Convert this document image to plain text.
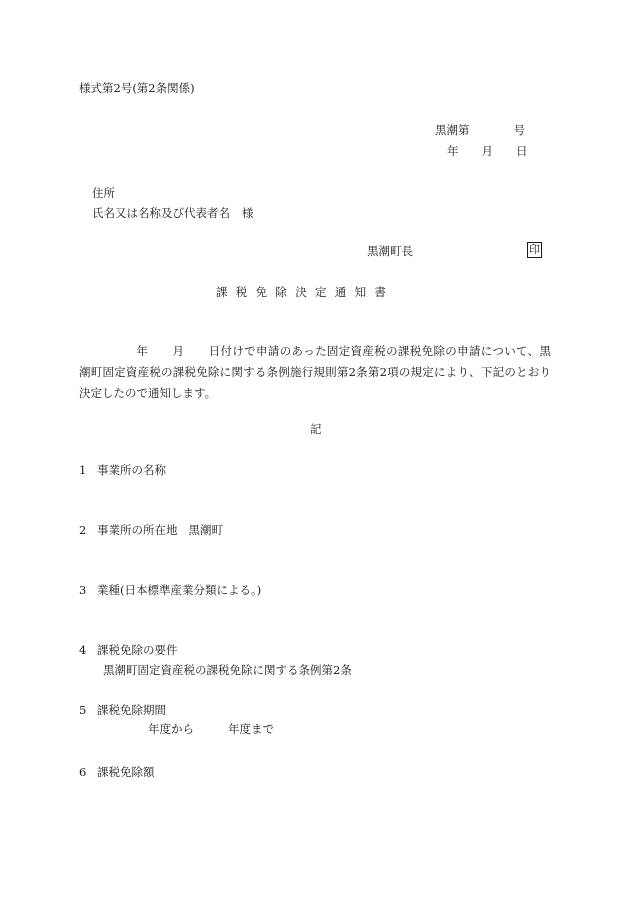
様式第2号(第2条関係)
黒潮第	号
年 月 日
住所
氏名又は名称及び代表者名 様
黒潮町長	印
課税免除決定通知書
年 月 日付けで申請のあった固定資産税の課税免除の申請について、黒潮町固定資産税の課税免除に関する条例施行規則第2条第2項の規定により、下記のとおり決定したので通知します。
記
1 事業所の名称
2 事業所の所在地 黒潮町
3 業種(日本標準産業分類による。)
4 課税免除の要件
黒潮町固定資産税の課税免除に関する条例第2条
5 課税免除期間
年度から	年度まで
6 課税免除額
